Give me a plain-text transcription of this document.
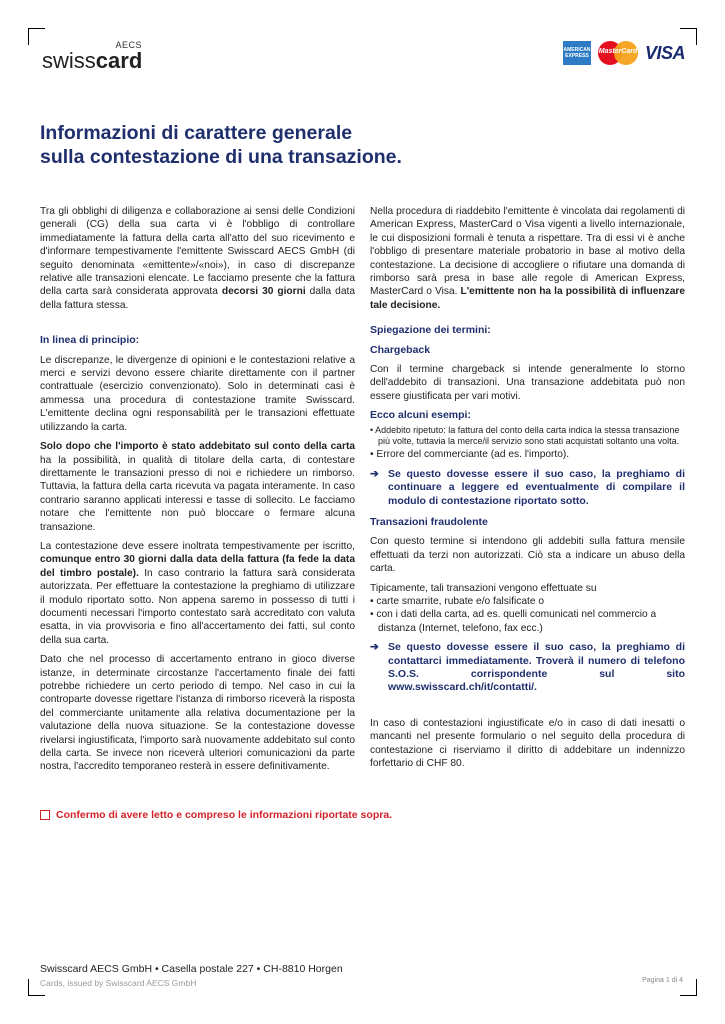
AECS
swisscard	AMERICAN EXPRESS
MasterCard VISA
Informazioni di carattere generale
sulla contestazione di una transazione.

Tra gli obblighi di diligenza e collaborazione ai sensi delle Condizioni generali (CG) della sua carta vi è l'obbligo di controllare immediatamente la fattura della carta all'atto del suo ricevimento e d'informare tempestivamente l'emittente Swisscard AECS GmbH (di seguito denominata «emittente»/«noi»), in caso di discrepanze relative alle transazioni elencate. Le facciamo presente che la fattura della carta sarà considerata approvata decorsi 30 giorni dalla data della fattura stessa.

In linea di principio:

Le discrepanze, le divergenze di opinioni e le contestazioni relative a merci e servizi devono essere chiarite direttamente con il partner contrattuale (esercizio convenzionato). Solo in determinati casi è ammessa una procedura di contestazione tramite Swisscard. L'emittente declina ogni responsabilità per le transazioni effettuate utilizzando la carta.

Solo dopo che l'importo è stato addebitato sul conto della carta ha la possibilità, in qualità di titolare della carta, di contestare direttamente le transazioni presso di noi e richiedere un rimborso. Tuttavia, la fattura della carta ricevuta va pagata interamente. In caso contrario saranno applicati interessi e tasse di sollecito. Le facciamo notare che l'emittente non può bloccare o fermare alcuna transazione.

La contestazione deve essere inoltrata tempestivamente per iscritto, comunque entro 30 giorni dalla data della fattura (fa fede la data del timbro postale). In caso contrario la fattura sarà considerata autorizzata. Per effettuare la contestazione la preghiamo di utilizzare il modulo riportato sotto. Non appena saremo in possesso di tutti i documenti necessari l'importo contestato sarà accreditato con valuta esatta, in via provvisoria e fino all'accertamento dei fatti, sul conto della sua carta.

Dato che nel processo di accertamento entrano in gioco diverse istanze, in determinate circostanze l'accertamento finale dei fatti potrebbe richiedere un certo periodo di tempo. Nel caso in cui la controparte dovesse rigettare l'istanza di rimborso riceverà la risposta del commerciante unitamente alla relativa documentazione per la valutazione della nuova situazione. Se la contestazione dovesse rivelarsi ingiustificata, l'importo sarà nuovamente addebitato sul conto della carta. Se invece non riceverà ulteriori comunicazioni da parte nostra, l'accredito temporaneo resterà in essere definitivamente.

Nella procedura di riaddebito l'emittente è vincolata dai regolamenti di American Express, MasterCard o Visa vigenti a livello internazionale, le cui disposizioni formali è tenuta a rispettare. Tra di essi vi è anche l'obbligo di presentare materiale probatorio in base al motivo della contestazione. La decisione di accogliere o rifiutare una domanda di rimborso sarà presa in base alle regole di American Express, MasterCard o Visa. L'emittente non ha la possibilità di influenzare tale decisione.

Spiegazione dei termini:
Chargeback

Con il termine chargeback si intende generalmente lo storno dell'addebito di transazioni. Una transazione addebitata può non essere giustificata per vari motivi.

Ecco alcuni esempi:
• Addebito ripetuto: la fattura del conto della carta indica la stessa transazione più volte, tuttavia la merce/il servizio sono stati acquistati soltanto una volta.
• Errore del commerciante (ad es. l'importo).
➔ Se questo dovesse essere il suo caso, la preghiamo di continuare a leggere ed eventualmente di compilare il modulo di contestazione riportato sotto.
Transazioni fraudolente

Con questo termine si intendono gli addebiti sulla fattura mensile effettuati da terzi non autorizzati. Ciò sta a indicare un abuso della carta.

Tipicamente, tali transazioni vengono effettuate su

• carte smarrite, rubate e/o falsificate o
• con i dati della carta, ad es. quelli comunicati nel commercio a distanza (Internet, telefono, fax ecc.)
➔ Se questo dovesse essere il suo caso, la preghiamo di contattarci immediatamente. Troverà il numero di telefono S.O.S. corrispondente sul sito www.swisscard.ch/it/contatti/.

In caso di contestazioni ingiustificate e/o in caso di dati inesatti o mancanti nel presente formulario o nel seguito della procedura di contestazione ci riserviamo il diritto di addebitare un indennizzo forfettario di CHF 80.

Confermo di avere letto e compreso le informazioni riportate sopra.
Swisscard AECS GmbH • Casella postale 227 • CH-8810 Horgen
Cards, issued by Swisscard AECS GmbH	Pagina 1 di 4
